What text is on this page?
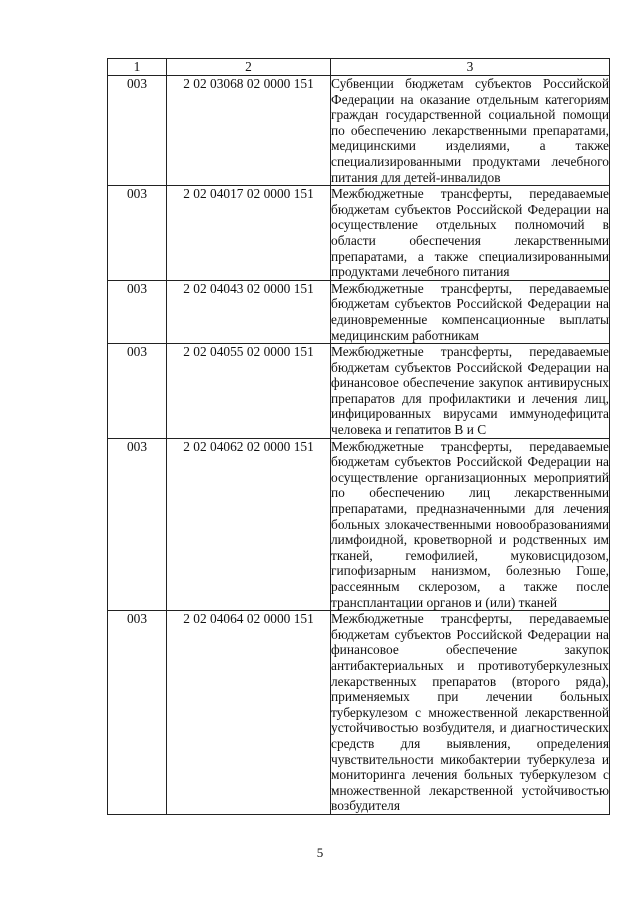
1	2	3
003	2 02 03068 02 0000 151	Субвенции бюджетам субъектов Российской Федерации на оказание отдельным категориям граждан государственной социальной помощи по обеспечению лекарственными препаратами, медицинскими изделиями, а также специализированными продуктами лечебного питания для детей-инвалидов
003	2 02 04017 02 0000 151	Межбюджетные трансферты, передаваемые бюджетам субъектов Российской Федерации на осуществление отдельных полномочий в области обеспечения лекарственными препаратами, а также специализированными продуктами лечебного питания
003	2 02 04043 02 0000 151	Межбюджетные трансферты, передаваемые бюджетам субъектов Российской Федерации на единовременные компенсационные выплаты медицинским работникам
003	2 02 04055 02 0000 151	Межбюджетные трансферты, передаваемые бюджетам субъектов Российской Федерации на финансовое обеспечение закупок антивирусных препаратов для профилактики и лечения лиц, инфицированных вирусами иммунодефицита человека и гепатитов В и С
003	2 02 04062 02 0000 151	Межбюджетные трансферты, передаваемые бюджетам субъектов Российской Федерации на осуществление организационных мероприятий по обеспечению лиц лекарственными препаратами, предназначенными для лечения больных злокачественными новообразованиями лимфоидной, кроветворной и родственных им тканей, гемофилией, муковисцидозом, гипофизарным нанизмом, болезнью Гоше, рассеянным склерозом, а также после трансплантации органов и (или) тканей
003	2 02 04064 02 0000 151	Межбюджетные трансферты, передаваемые бюджетам субъектов Российской Федерации на финансовое обеспечение закупок антибактериальных и противотуберкулезных лекарственных препаратов (второго ряда), применяемых при лечении больных туберкулезом с множественной лекарственной устойчивостью возбудителя, и диагностических средств для выявления, определения чувствительности микобактерии туберкулеза и мониторинга лечения больных туберкулезом с множественной лекарственной устойчивостью возбудителя
5
